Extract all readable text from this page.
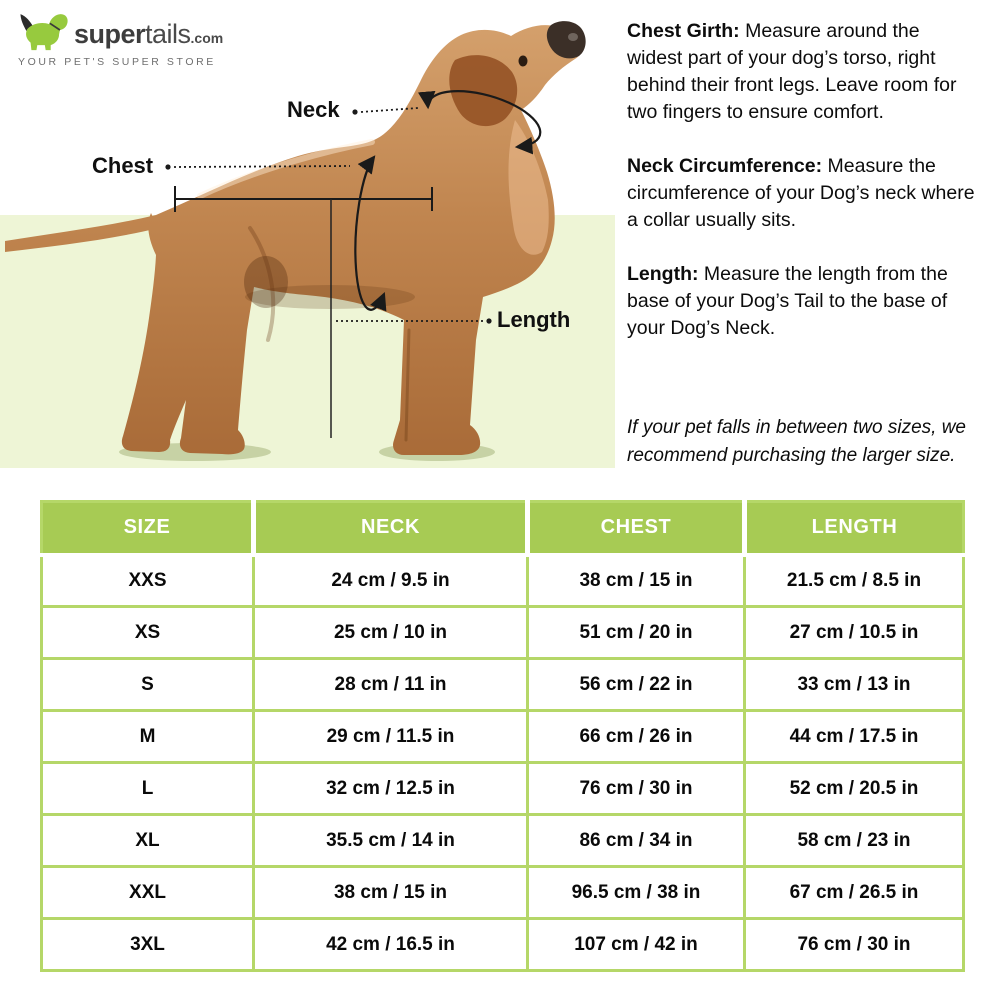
supertails.com
YOUR PET'S SUPER STORE
Neck
Chest
Length

Chest Girth: Measure around the widest part of your dog’s torso, right behind their front legs. Leave room for two fingers to ensure comfort.

Neck Circumference: Measure the circumference of your Dog’s neck where a collar usually sits.

Length: Measure the length from the base of your Dog’s Tail to the base of your Dog’s Neck.

If your pet falls in between two sizes, we recommend purchasing the larger size.

SIZE	NECK	CHEST	LENGTH
XXS	24 cm / 9.5 in	38 cm / 15 in	21.5 cm / 8.5 in
XS	25 cm / 10 in	51 cm / 20 in	27 cm / 10.5 in
S	28 cm / 11 in	56 cm / 22 in	33 cm / 13 in
M	29 cm / 11.5 in	66 cm / 26 in	44 cm / 17.5 in
L	32 cm / 12.5 in	76 cm / 30 in	52 cm / 20.5 in
XL	35.5 cm / 14 in	86 cm / 34 in	58 cm / 23 in
XXL	38 cm / 15 in	96.5 cm / 38 in	67 cm / 26.5 in
3XL	42 cm / 16.5 in	107 cm / 42 in	76 cm / 30 in
